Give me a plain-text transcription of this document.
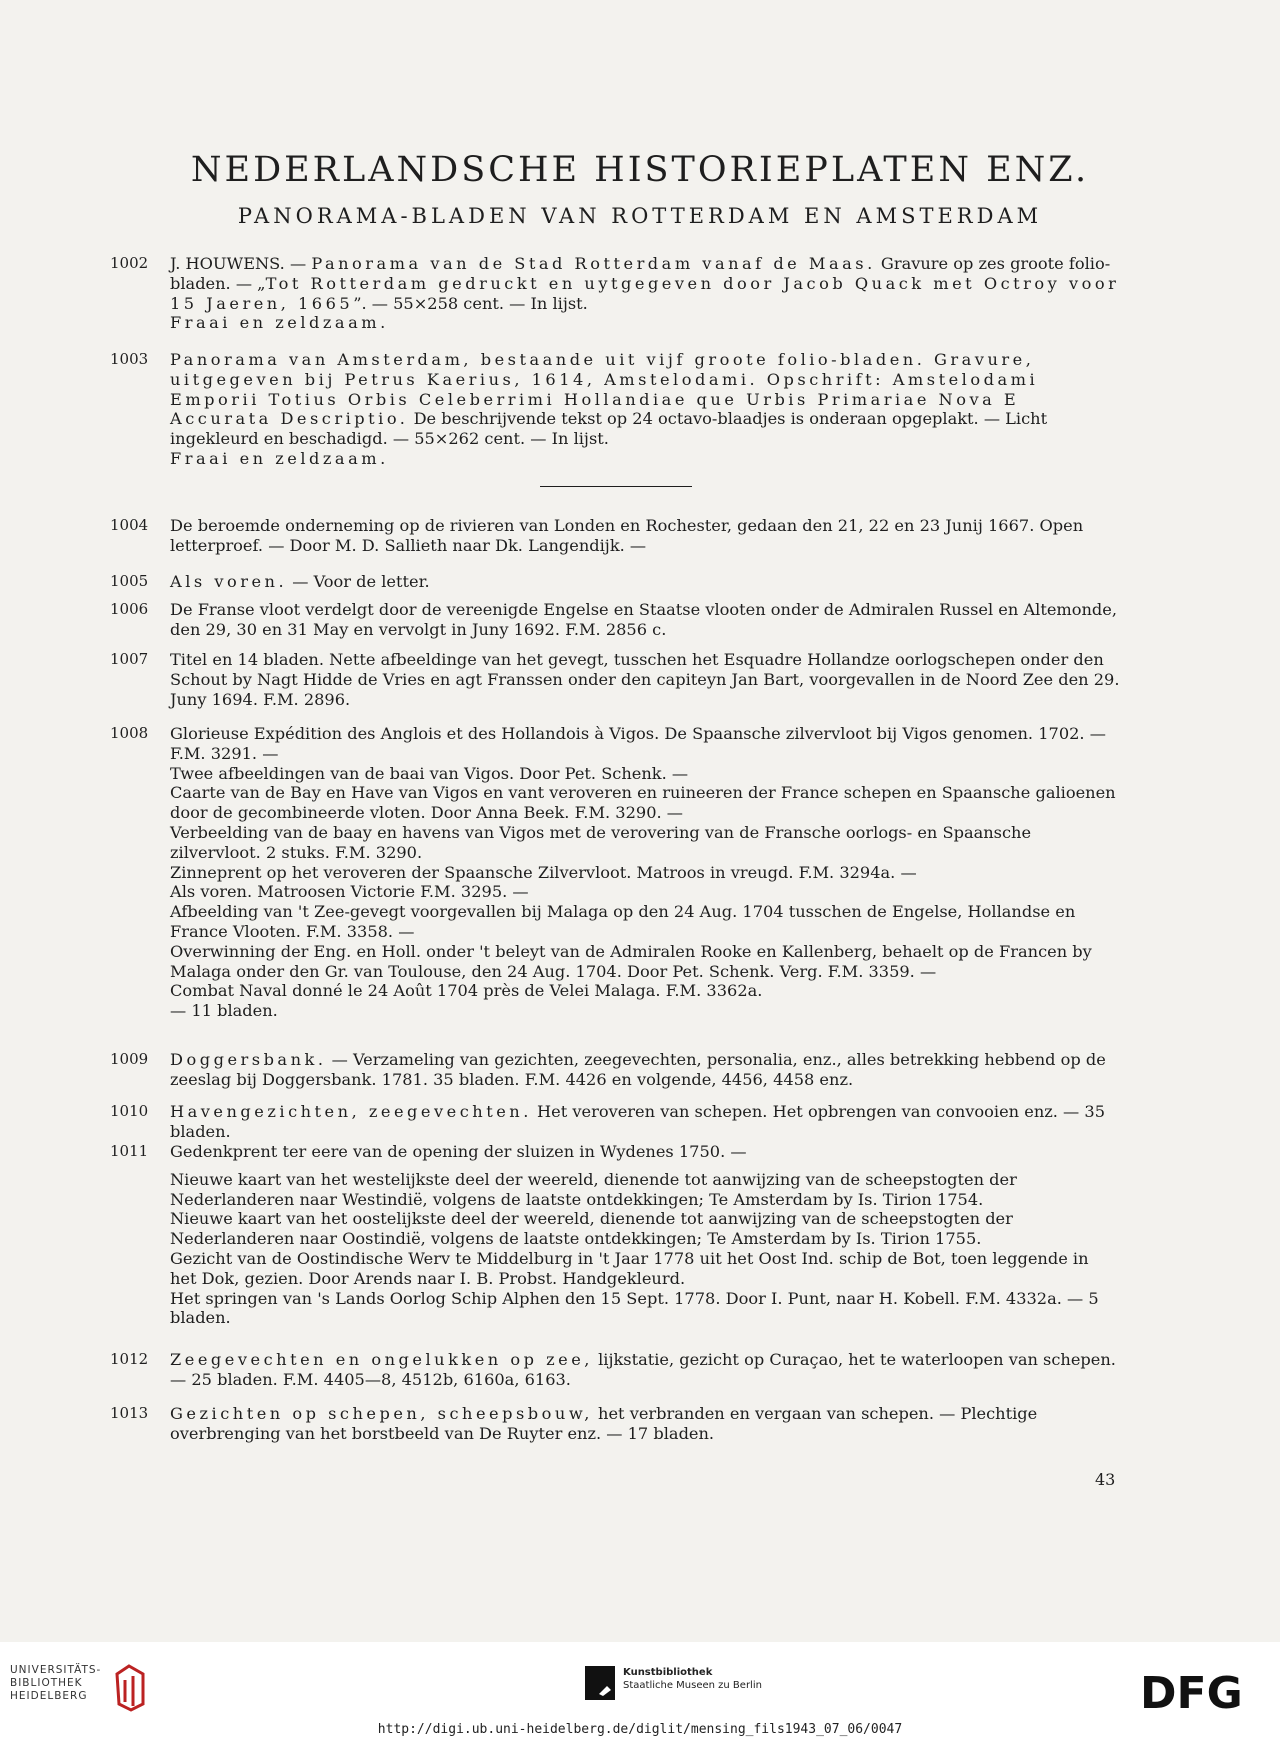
NEDERLANDSCHE HISTORIEPLATEN ENZ.
PANORAMA-BLADEN VAN ROTTERDAM EN AMSTERDAM
1002	J. HOUWENS. — Panorama van de Stad Rotterdam vanaf de Maas. Gravure op zes groote folio-bladen. — „Tot Rotterdam gedruckt en uytgegeven door Jacob Quack met Octroy voor 15 Jaeren, 1665”. — 55×258 cent. — In lijst.

Fraai en zeldzaam.

1003	Panorama van Amsterdam, bestaande uit vijf groote folio-bladen. Gravure, uitgegeven bij Petrus Kaerius, 1614, Amstelodami. Opschrift: Amstelodami Emporii Totius Orbis Celeberrimi Hollandiae que Urbis Primariae Nova E Accurata Descriptio. De beschrijvende tekst op 24 octavo-blaadjes is onderaan opgeplakt. — Licht ingekleurd en beschadigd. — 55×262 cent. — In lijst.

Fraai en zeldzaam.

1004	De beroemde onderneming op de rivieren van Londen en Rochester, gedaan den 21, 22 en 23 Junij 1667. Open letterproef. — Door M. D. Sallieth naar Dk. Langendijk. —

1005	Als voren. — Voor de letter.

1006	De Franse vloot verdelgt door de vereenigde Engelse en Staatse vlooten onder de Admiralen Russel en Altemonde, den 29, 30 en 31 May en vervolgt in Juny 1692. F.M. 2856 c.

1007	Titel en 14 bladen. Nette afbeeldinge van het gevegt, tusschen het Esquadre Hollandze oorlogschepen onder den Schout by Nagt Hidde de Vries en agt Franssen onder den capiteyn Jan Bart, voorgevallen in de Noord Zee den 29. Juny 1694. F.M. 2896.

1008	Glorieuse Expédition des Anglois et des Hollandois à Vigos. De Spaansche zilvervloot bij Vigos genomen. 1702. — F.M. 3291. —

Twee afbeeldingen van de baai van Vigos. Door Pet. Schenk. —

Caarte van de Bay en Have van Vigos en vant veroveren en ruineeren der France schepen en Spaansche galioenen door de gecombineerde vloten. Door Anna Beek. F.M. 3290. —

Verbeelding van de baay en havens van Vigos met de verovering van de Fransche oorlogs- en Spaansche zilvervloot. 2 stuks. F.M. 3290.

Zinneprent op het veroveren der Spaansche Zilvervloot. Matroos in vreugd. F.M. 3294a. —

Als voren. Matroosen Victorie F.M. 3295. —

Afbeelding van 't Zee-gevegt voorgevallen bij Malaga op den 24 Aug. 1704 tusschen de Engelse, Hollandse en France Vlooten. F.M. 3358. —

Overwinning der Eng. en Holl. onder 't beleyt van de Admiralen Rooke en Kallenberg, behaelt op de Francen by Malaga onder den Gr. van Toulouse, den 24 Aug. 1704. Door Pet. Schenk. Verg. F.M. 3359. —

Combat Naval donné le 24 Août 1704 près de Velei Malaga. F.M. 3362a.

— 11 bladen.

1009	Doggersbank. — Verzameling van gezichten, zeegevechten, personalia, enz., alles betrekking hebbend op de zeeslag bij Doggersbank. 1781. 35 bladen. F.M. 4426 en volgende, 4456, 4458 enz.

1010	Havengezichten, zeegevechten. Het veroveren van schepen. Het opbrengen van convooien enz. — 35 bladen.

1011	Gedenkprent ter eere van de opening der sluizen in Wydenes 1750. —

Nieuwe kaart van het westelijkste deel der weereld, dienende tot aanwijzing van de scheepstogten der Nederlanderen naar Westindië, volgens de laatste ontdekkingen; Te Amsterdam by Is. Tirion 1754.

Nieuwe kaart van het oostelijkste deel der weereld, dienende tot aanwijzing van de scheepstogten der Nederlanderen naar Oostindië, volgens de laatste ontdekkingen; Te Amsterdam by Is. Tirion 1755.

Gezicht van de Oostindische Werv te Middelburg in 't Jaar 1778 uit het Oost Ind. schip de Bot, toen leggende in het Dok, gezien. Door Arends naar I. B. Probst. Handgekleurd.

Het springen van 's Lands Oorlog Schip Alphen den 15 Sept. 1778. Door I. Punt, naar H. Kobell. F.M. 4332a. — 5 bladen.

1012	Zeegevechten en ongelukken op zee, lijkstatie, gezicht op Curaçao, het te waterloopen van schepen. — 25 bladen. F.M. 4405—8, 4512b, 6160a, 6163.

1013	Gezichten op schepen, scheepsbouw, het verbranden en vergaan van schepen. — Plechtige overbrenging van het borstbeeld van De Ruyter enz. — 17 bladen.

43
UNIVERSITÄTS-
BIBLIOTHEK
HEIDELBERG
Kunstbibliothek
Staatliche Museen zu Berlin	DFG
http://digi.ub.uni-heidelberg.de/diglit/mensing_fils1943_07_06/0047
